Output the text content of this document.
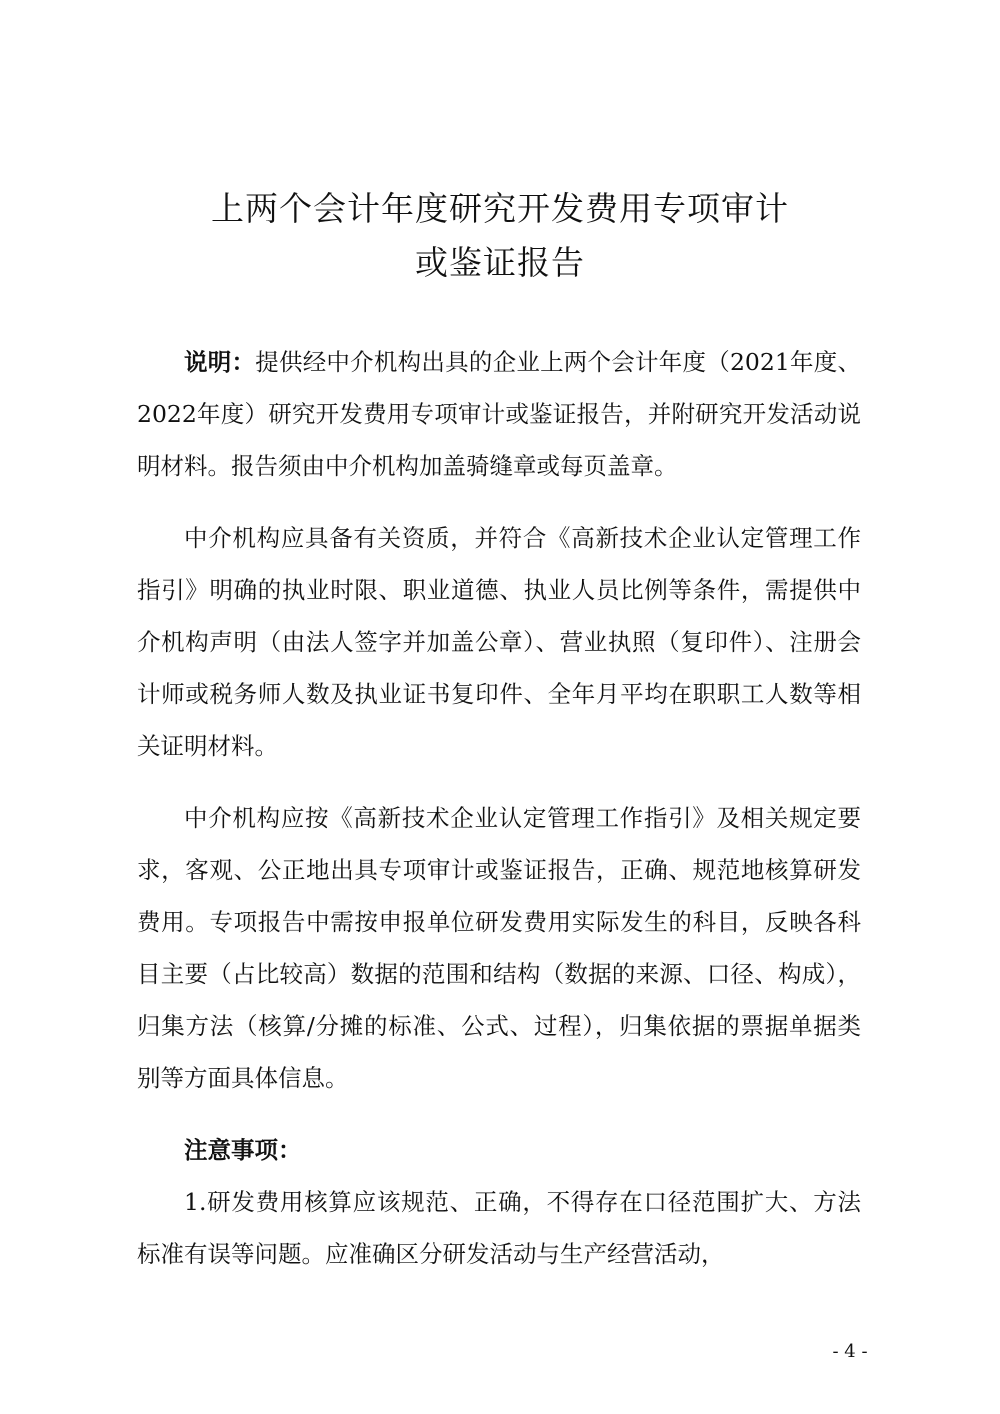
上两个会计年度研究开发费用专项审计
或鉴证报告

说明：提供经中介机构出具的企业上两个会计年度（2021年度、2022年度）研究开发费用专项审计或鉴证报告，并附研究开发活动说明材料。报告须由中介机构加盖骑缝章或每页盖章。

中介机构应具备有关资质，并符合《高新技术企业认定管理工作指引》明确的执业时限、职业道德、执业人员比例等条件，需提供中介机构声明（由法人签字并加盖公章）、营业执照（复印件）、注册会计师或税务师人数及执业证书复印件、全年月平均在职职工人数等相关证明材料。

中介机构应按《高新技术企业认定管理工作指引》及相关规定要求，客观、公正地出具专项审计或鉴证报告，正确、规范地核算研发费用。专项报告中需按申报单位研发费用实际发生的科目，反映各科目主要（占比较高）数据的范围和结构（数据的来源、口径、构成），归集方法（核算/分摊的标准、公式、过程），归集依据的票据单据类别等方面具体信息。

注意事项：

1.研发费用核算应该规范、正确，不得存在口径范围扩大、方法标准有误等问题。应准确区分研发活动与生产经营活动，

- 4 -
